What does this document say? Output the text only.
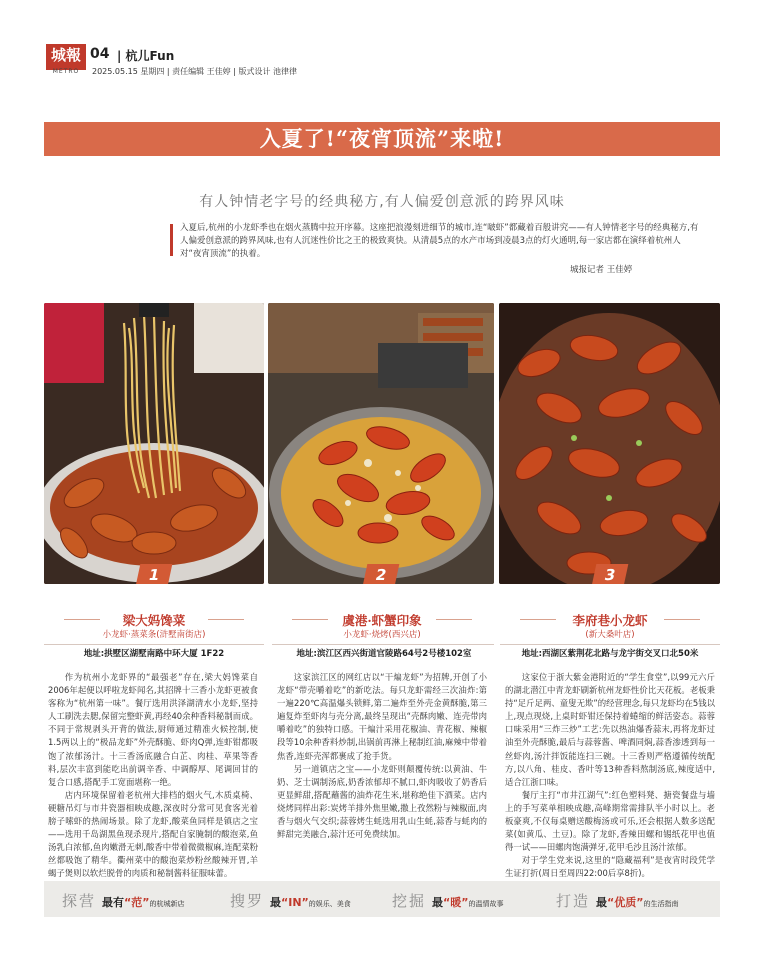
城報
METRO
04 | 杭儿Fun
2025.05.15 星期四 | 责任编辑 王佳婷 | 版式设计 池律律
入夏了!“夜宵顶流”来啦!
有人钟情老字号的经典秘方,有人偏爱创意派的跨界风味
入夏后,杭州的小龙虾季也在烟火蒸腾中拉开序幕。这座把浪漫刻进细节的城市,连“啵虾”都藏着百般讲究——有人钟情老字号的经典秘方,有人偏爱创意派的跨界风味,也有人沉迷性价比之王的极致爽快。从清晨5点的水产市场到凌晨3点的灯火通明,每一家店都在演绎着杭州人对“夜宵顶流”的执着。
城报记者 王佳婷
1	2	3
梁大妈馋菜
小龙虾·蒸菜条(浒墅南街店)
地址:拱墅区湖墅南路中环大厦 1F22
虞港·虾蟹印象
小龙虾·烧烤(西兴店)
地址:滨江区西兴街道官陵路64号2号楼102室
李府巷小龙虾
(新大桑叶店)
地址:西湖区紫荆花北路与龙宇街交叉口北50米

作为杭州小龙虾界的“最强老”存在,梁大妈馋菜自2006年起便以呼啦龙虾闻名,其招牌十三香小龙虾更被食客称为“杭州第一味”。餐厅选用洪泽湖清水小龙虾,坚持人工刷洗去腮,保留完整虾黄,再经40余种香料秘制而成。不同于常规剥头开背的做法,厨师通过精准火候控制,使1.5两以上的“极品龙虾”外壳酥脆、虾肉Q弹,连虾钳都吸饱了浓郁汤汁。十三香汤底融合白芷、肉桂、草果等香料,层次丰富到能吃出前调辛香、中调醇厚、尾调回甘的复合口感,搭配手工宽面堪称一绝。

店内环境保留着老杭州大排档的烟火气,木质桌椅、硬糖吊灯与市井瓷器相映成趣,深夜时分常可见食客光着膀子嗦虾的热闹场景。除了龙虾,酸菜鱼同样是镇店之宝——选用千岛湖黑鱼现杀现片,搭配自家腌制的酸泡菜,鱼汤乳白浓郁,鱼肉嫩滑无刺,酸香中带着微微椒麻,连配菜粉丝都吸饱了精华。衢州菜中的酸泡菜炒粉丝酸辣开胃,羊蝎子煲则以软烂脱骨的肉质和秘制酱料征服味蕾。

这家滨江区的网红店以“干煸龙虾”为招牌,开创了小龙虾“带壳嚼着吃”的新吃法。每只龙虾需经三次油炸:第一遍220℃高温爆头锁鲜,第二遍炸至外壳金黄酥脆,第三遍复炸至虾肉与壳分离,最终呈现出“壳酥肉嫩、连壳带肉嚼着吃”的独特口感。干煸汁采用花椒油、青花椒、辣椒段等10余种香料炒制,出锅前再淋上秘制红油,麻辣中带着焦香,连虾壳浑都裹成了抢手货。

另一道镇店之宝——小龙虾则颠覆传统:以黄油、牛奶、芝士调制汤底,奶香浓郁却不腻口,虾肉吸收了奶香后更显鲜甜,搭配蘸酱的油炸花生米,堪称绝佳下酒菜。店内烧烤同样出彩:炭烤羊排外焦里嫩,撒上孜然粉与辣椒面,肉香与烟火气交织;蒜蓉烤生蚝选用乳山生蚝,蒜香与蚝肉的鲜甜完美融合,蒜汁还可免费续加。

这家位于浙大紫金港附近的“学生食堂”,以99元六斤的湖北潜江中青龙虾刷新杭州龙虾性价比天花板。老板秉持“足斤足两、童叟无欺”的经营理念,每只龙虾均在5钱以上,现点现烧,上桌时虾钳还保持着蜷缩的鲜活姿态。蒜蓉口味采用“三炸三炒”工艺:先以热油爆香蒜末,再将龙虾过油至外壳酥脆,最后与蒜蓉酱、啤酒同焖,蒜香渗透到每一丝虾肉,汤汁拌饭能连扫三碗。十三香则严格遵循传统配方,以八角、桂皮、香叶等13种香料熬制汤底,辣度适中,适合江浙口味。

餐厅主打“市井江湖气”:红色塑料凳、搪瓷餐盘与墙上的手写菜单相映成趣,高峰期常需排队半小时以上。老板豪爽,不仅每桌赠送酸梅汤或可乐,还会根据人数多送配菜(如黄瓜、土豆)。除了龙虾,香辣田螺和锡纸花甲也值得一试——田螺肉饱满弹牙,花甲毛沙且汤汁浓郁。

对于学生党来说,这里的“隐藏福利”是夜宵时段凭学生证打折(周日至周四22:00后享8折)。

探营 最有“范”的杭城新店	搜罗 最“IN”的娱乐、美食	挖掘 最“暖”的温情故事	打造 最“优质”的生活指南
